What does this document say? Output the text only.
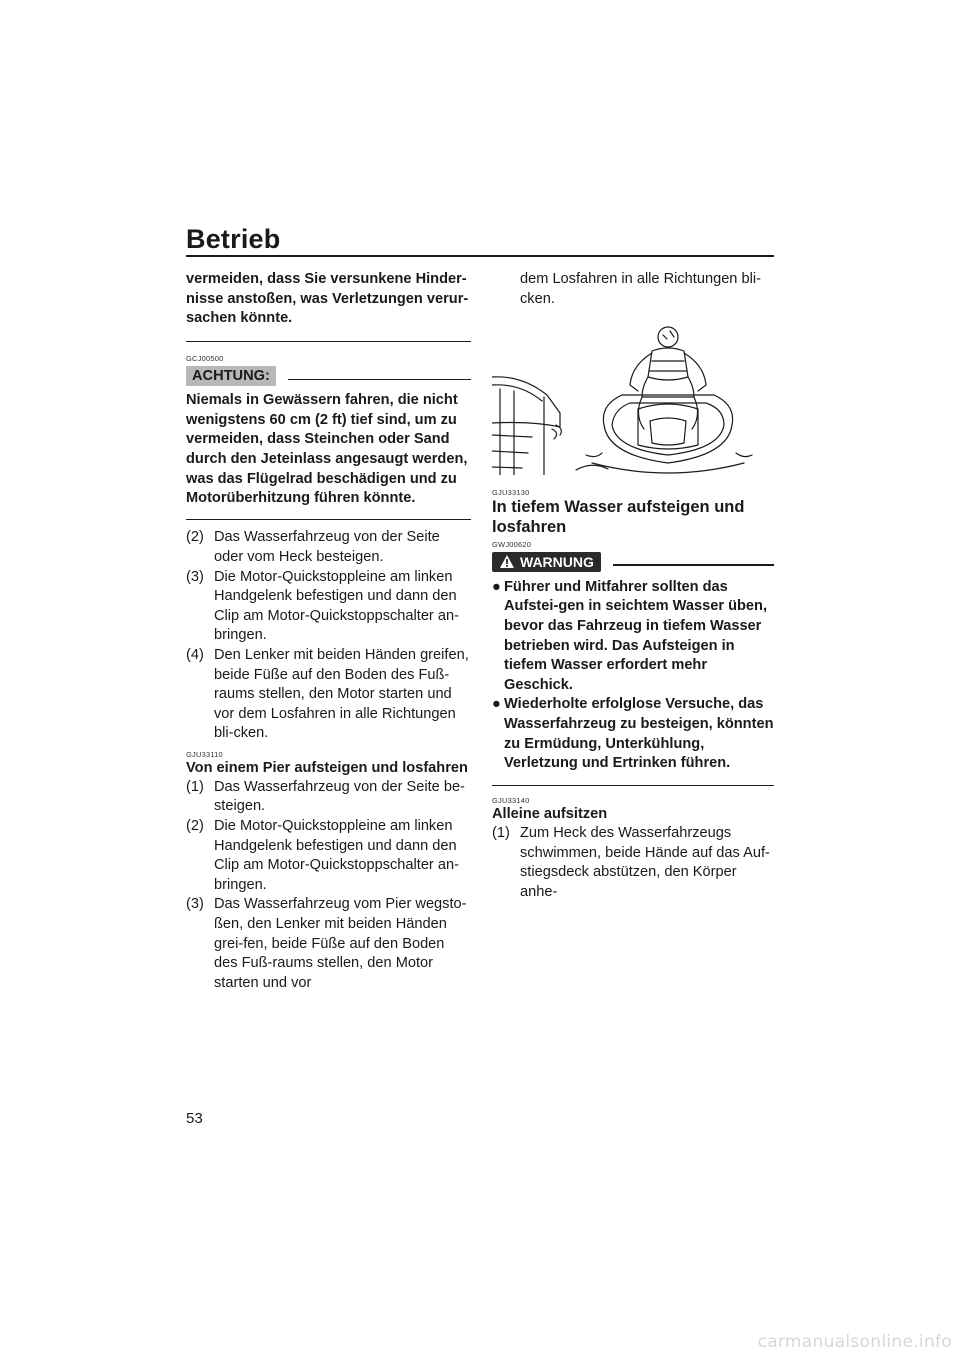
Betrieb

vermeiden, dass Sie versunkene Hinder-nisse anstoßen, was Verletzungen verur-sachen könnte.

GCJ00500

ACHTUNG:

Niemals in Gewässern fahren, die nicht wenigstens 60 cm (2 ft) tief sind, um zu vermeiden, dass Steinchen oder Sand durch den Jeteinlass angesaugt werden, was das Flügelrad beschädigen und zu Motorüberhitzung führen könnte.

(2) Das Wasserfahrzeug von der Seite oder vom Heck besteigen.
(3) Die Motor-Quickstoppleine am linken Handgelenk befestigen und dann den Clip am Motor-Quickstoppschalter an-bringen.
(4) Den Lenker mit beiden Händen greifen, beide Füße auf den Boden des Fuß-raums stellen, den Motor starten und vor dem Losfahren in alle Richtungen bli-cken.

GJU33110

Von einem Pier aufsteigen und losfahren

(1) Das Wasserfahrzeug von der Seite be-steigen.
(2) Die Motor-Quickstoppleine am linken Handgelenk befestigen und dann den Clip am Motor-Quickstoppschalter an-bringen.
(3) Das Wasserfahrzeug vom Pier wegsto-ßen, den Lenker mit beiden Händen grei-fen, beide Füße auf den Boden des Fuß-raums stellen, den Motor starten und vor

dem Losfahren in alle Richtungen bli-cken.

GJU33130

In tiefem Wasser aufsteigen und losfahren

GWJ00620

WARNUNG
● Führer und Mitfahrer sollten das Aufstei-gen in seichtem Wasser üben, bevor das Fahrzeug in tiefem Wasser betrieben wird. Das Aufsteigen in tiefem Wasser erfordert mehr Geschick.
● Wiederholte erfolglose Versuche, das Wasserfahrzeug zu besteigen, könnten zu Ermüdung, Unterkühlung, Verletzung und Ertrinken führen.

GJU33140

Alleine aufsitzen

(1) Zum Heck des Wasserfahrzeugs schwimmen, beide Hände auf das Auf-stiegsdeck abstützen, den Körper anhe-
53
carmanualsonline.info
